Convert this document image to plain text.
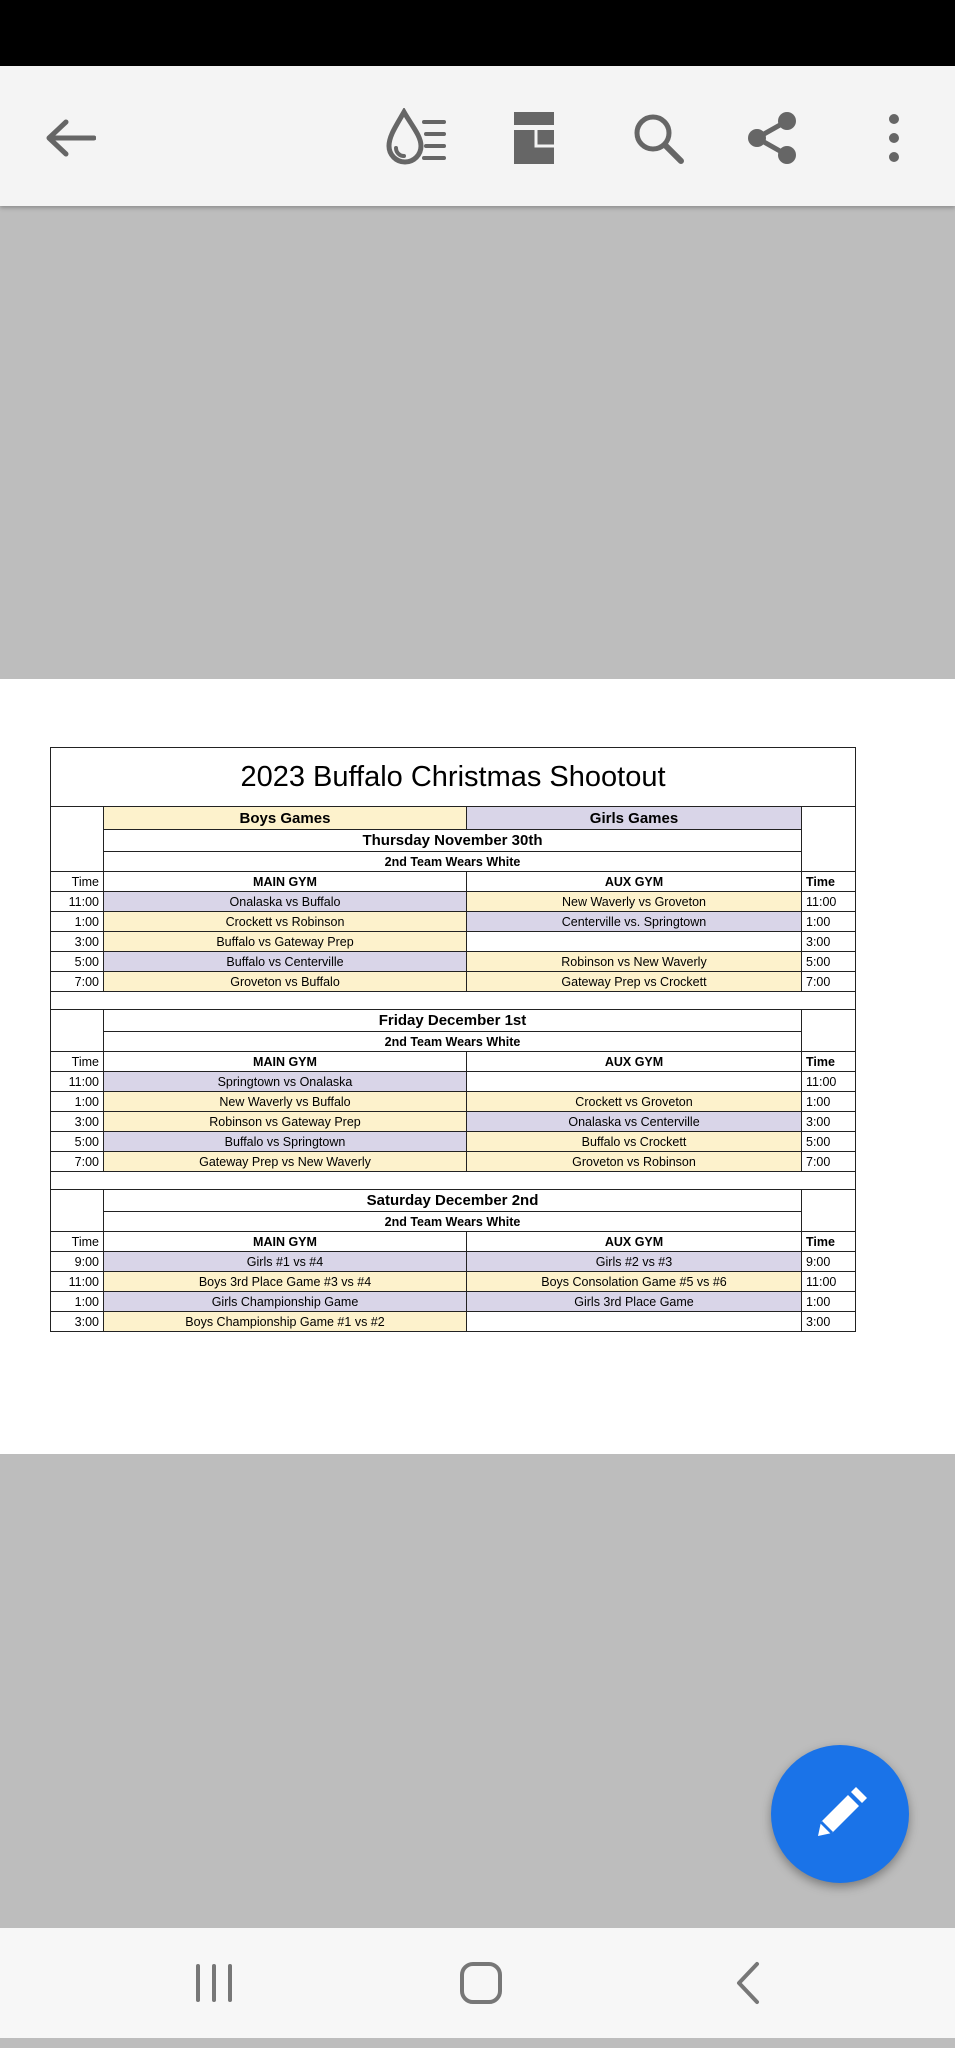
2023 Buffalo Christmas Shootout			
	Boys Games	Girls Games	
	Thursday November 30th		
	2nd Team Wears White		
Time	MAIN GYM	AUX GYM	Time
11:00	Onalaska vs Buffalo	New Waverly vs Groveton	11:00
1:00	Crockett vs Robinson	Centerville vs. Springtown	1:00
3:00	Buffalo vs Gateway Prep		3:00
5:00	Buffalo vs Centerville	Robinson vs New Waverly	5:00
7:00	Groveton vs Buffalo	Gateway Prep vs Crockett	7:00

	Friday December 1st		
	2nd Team Wears White		
Time	MAIN GYM	AUX GYM	Time
11:00	Springtown vs Onalaska		11:00
1:00	New Waverly vs Buffalo	Crockett vs Groveton	1:00
3:00	Robinson vs Gateway Prep	Onalaska vs Centerville	3:00
5:00	Buffalo vs Springtown	Buffalo vs Crockett	5:00
7:00	Gateway Prep vs New Waverly	Groveton vs Robinson	7:00

	Saturday December 2nd		
	2nd Team Wears White		
Time	MAIN GYM	AUX GYM	Time
9:00	Girls #1 vs #4	Girls #2 vs #3	9:00
11:00	Boys 3rd Place Game #3 vs #4	Boys Consolation Game #5 vs #6	11:00
1:00	Girls Championship Game	Girls 3rd Place Game	1:00
3:00	Boys Championship Game #1 vs #2		3:00
